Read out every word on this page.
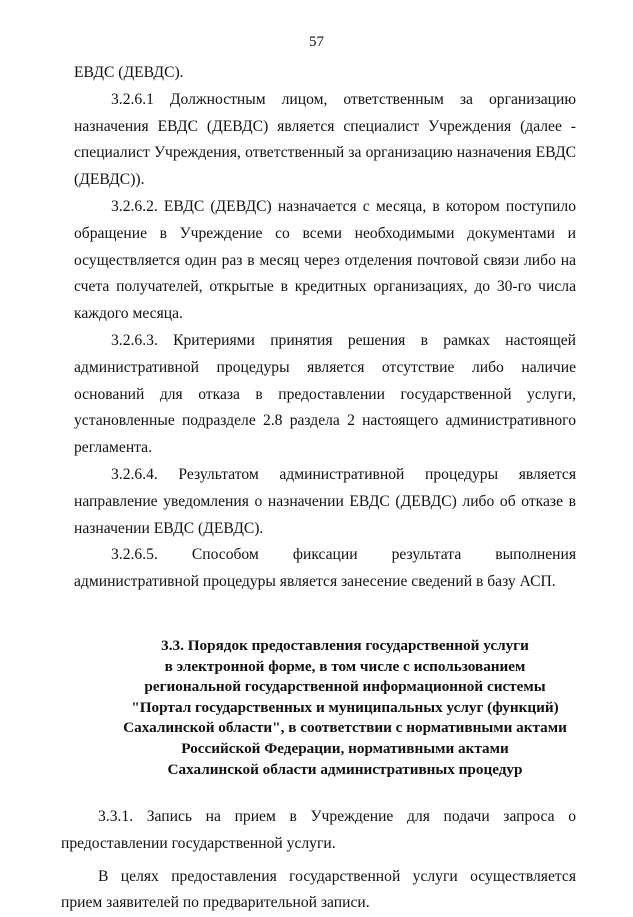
57

ЕВДС (ДЕВДС).

3.2.6.1 Должностным лицом, ответственным за организацию назначения ЕВДС (ДЕВДС) является специалист Учреждения (далее - специалист Учреждения, ответственный за организацию назначения ЕВДС (ДЕВДС)).

3.2.6.2. ЕВДС (ДЕВДС) назначается с месяца, в котором поступило обращение в Учреждение со всеми необходимыми документами и осуществляется один раз в месяц через отделения почтовой связи либо на счета получателей, открытые в кредитных организациях, до 30-го числа каждого месяца.

3.2.6.3. Критериями принятия решения в рамках настоящей административной процедуры является отсутствие либо наличие оснований для отказа в предоставлении государственной услуги, установленные подразделе 2.8 раздела 2 настоящего административного регламента.

3.2.6.4. Результатом административной процедуры является направление уведомления о назначении ЕВДС (ДЕВДС) либо об отказе в назначении ЕВДС (ДЕВДС).

3.2.6.5. Способом фиксации результата выполнения административной процедуры является занесение сведений в базу АСП.

3.3. Порядок предоставления государственной услуги
в электронной форме, в том числе с использованием
региональной государственной информационной системы
"Портал государственных и муниципальных услуг (функций)
Сахалинской области", в соответствии с нормативными актами
Российской Федерации, нормативными актами
Сахалинской области административных процедур

3.3.1. Запись на прием в Учреждение для подачи запроса о предоставлении государственной услуги.

В целях предоставления государственной услуги осуществляется прием заявителей по предварительной записи.
